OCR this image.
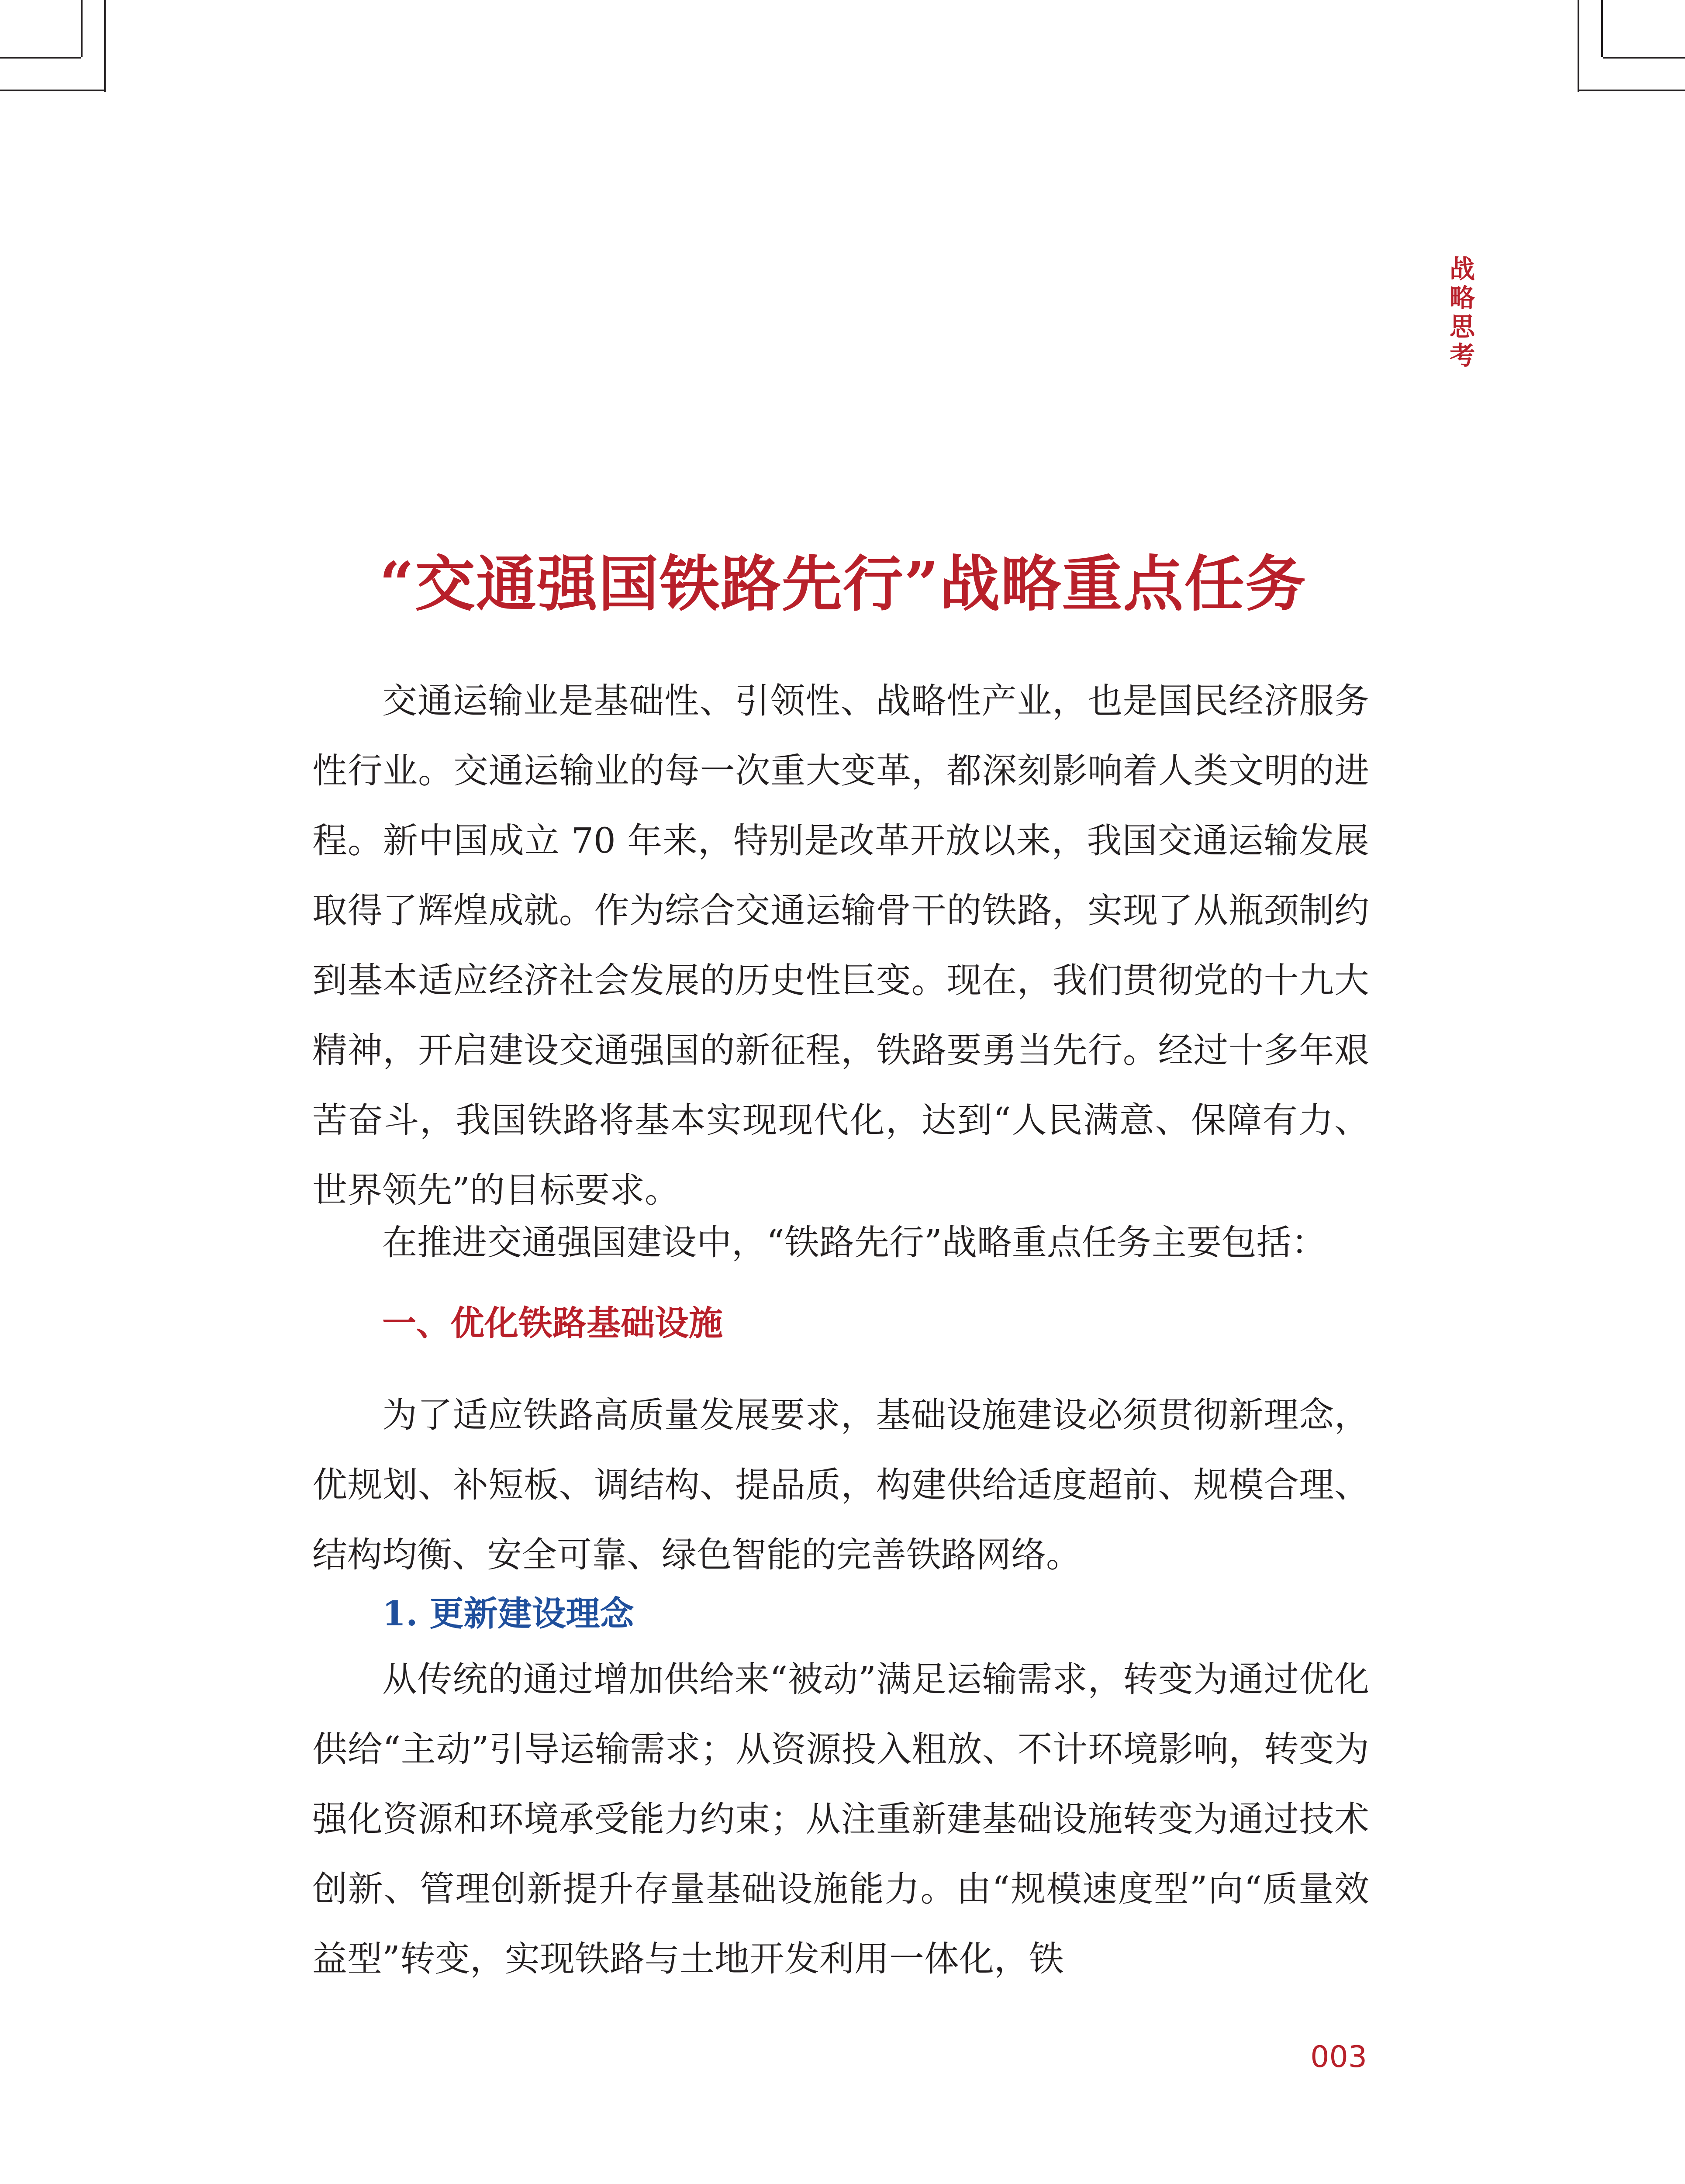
战略思考
“交通强国铁路先行”战略重点任务

交通运输业是基础性、引领性、战略性产业，也是国民经济服务性行业。交通运输业的每一次重大变革，都深刻影响着人类文明的进程。新中国成立 70 年来，特别是改革开放以来，我国交通运输发展取得了辉煌成就。作为综合交通运输骨干的铁路，实现了从瓶颈制约到基本适应经济社会发展的历史性巨变。现在，我们贯彻党的十九大精神，开启建设交通强国的新征程，铁路要勇当先行。经过十多年艰苦奋斗，我国铁路将基本实现现代化，达到“人民满意、保障有力、世界领先”的目标要求。

在推进交通强国建设中，“铁路先行”战略重点任务主要包括：

一、优化铁路基础设施

为了适应铁路高质量发展要求，基础设施建设必须贯彻新理念，优规划、补短板、调结构、提品质，构建供给适度超前、规模合理、结构均衡、安全可靠、绿色智能的完善铁路网络。

1. 更新建设理念

从传统的通过增加供给来“被动”满足运输需求，转变为通过优化供给“主动”引导运输需求；从资源投入粗放、不计环境影响，转变为强化资源和环境承受能力约束；从注重新建基础设施转变为通过技术创新、管理创新提升存量基础设施能力。由“规模速度型”向“质量效益型”转变，实现铁路与土地开发利用一体化，铁

003
